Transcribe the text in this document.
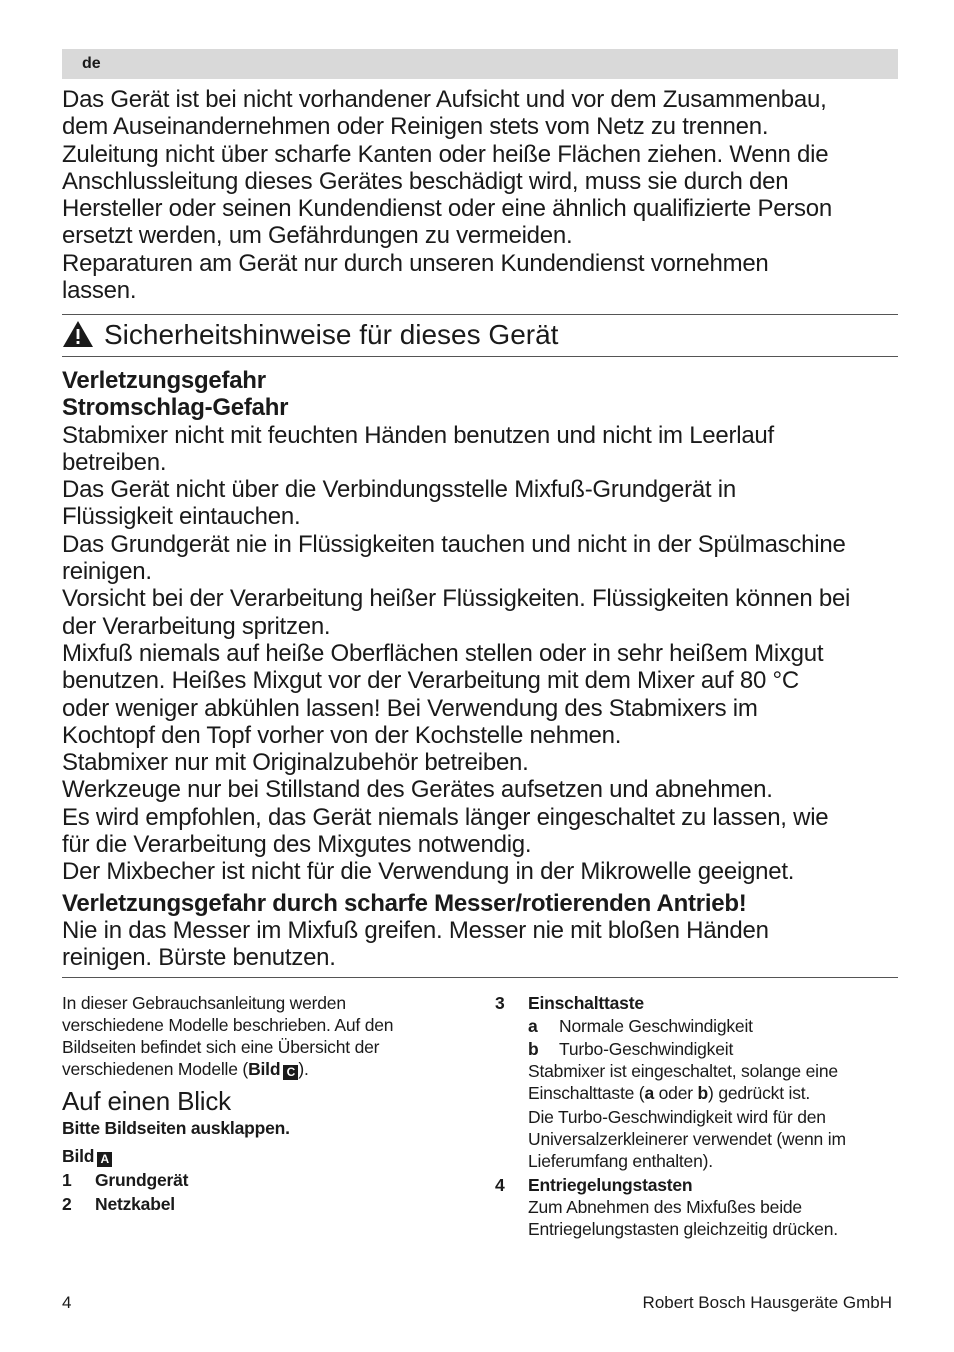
de

Das Gerät ist bei nicht vorhandener Aufsicht und vor dem Zusammenbau,

dem Auseinandernehmen oder Reinigen stets vom Netz zu trennen.

Zuleitung nicht über scharfe Kanten oder heiße Flächen ziehen. Wenn die

Anschlussleitung dieses Gerätes beschädigt wird, muss sie durch den

Hersteller oder seinen Kundendienst oder eine ähnlich qualifizierte Person

ersetzt werden, um Gefährdungen zu vermeiden.

Reparaturen am Gerät nur durch unseren Kundendienst vornehmen

lassen.

Sicherheitshinweise für dieses Gerät

Verletzungsgefahr

Stromschlag-Gefahr

Stabmixer nicht mit feuchten Händen benutzen und nicht im Leerlauf

betreiben.

Das Gerät nicht über die Verbindungsstelle Mixfuß-Grundgerät in

Flüssigkeit eintauchen.

Das Grundgerät nie in Flüssigkeiten tauchen und nicht in der Spülmaschine

reinigen.

Vorsicht bei der Verarbeitung heißer Flüssigkeiten. Flüssigkeiten können bei

der Verarbeitung spritzen.

Mixfuß niemals auf heiße Oberflächen stellen oder in sehr heißem Mixgut

benutzen. Heißes Mixgut vor der Verarbeitung mit dem Mixer auf 80 °C

oder weniger abkühlen lassen! Bei Verwendung des Stabmixers im

Kochtopf den Topf vorher von der Kochstelle nehmen.

Stabmixer nur mit Originalzubehör betreiben.

Werkzeuge nur bei Stillstand des Gerätes aufsetzen und abnehmen.

Es wird empfohlen, das Gerät niemals länger eingeschaltet zu lassen, wie

für die Verarbeitung des Mixgutes notwendig.

Der Mixbecher ist nicht für die Verwendung in der Mikrowelle geeignet.

Verletzungsgefahr durch scharfe Messer/rotierenden Antrieb!

Nie in das Messer im Mixfuß greifen. Messer nie mit bloßen Händen

reinigen. Bürste benutzen.

In dieser Gebrauchsanleitung werden

verschiedene Modelle beschrieben. Auf den

Bildseiten befindet sich eine Übersicht der

verschiedenen Modelle (Bild C ).

Auf einen Blick

Bitte Bildseiten ausklappen.

Bild A

1	Grundgerät
2	Netzkabel
3	Einschalttaste
a	Normale Geschwindigkeit
b	Turbo-Geschwindigkeit

Stabmixer ist eingeschaltet, solange eine

Einschalttaste (a oder b) gedrückt ist.

Die Turbo-Geschwindigkeit wird für den

Universalzerkleinerer verwendet (wenn im

Lieferumfang enthalten).

4	Entriegelungstasten

Zum Abnehmen des Mixfußes beide

Entriegelungstasten gleichzeitig drücken.

4	Robert Bosch Hausgeräte GmbH
